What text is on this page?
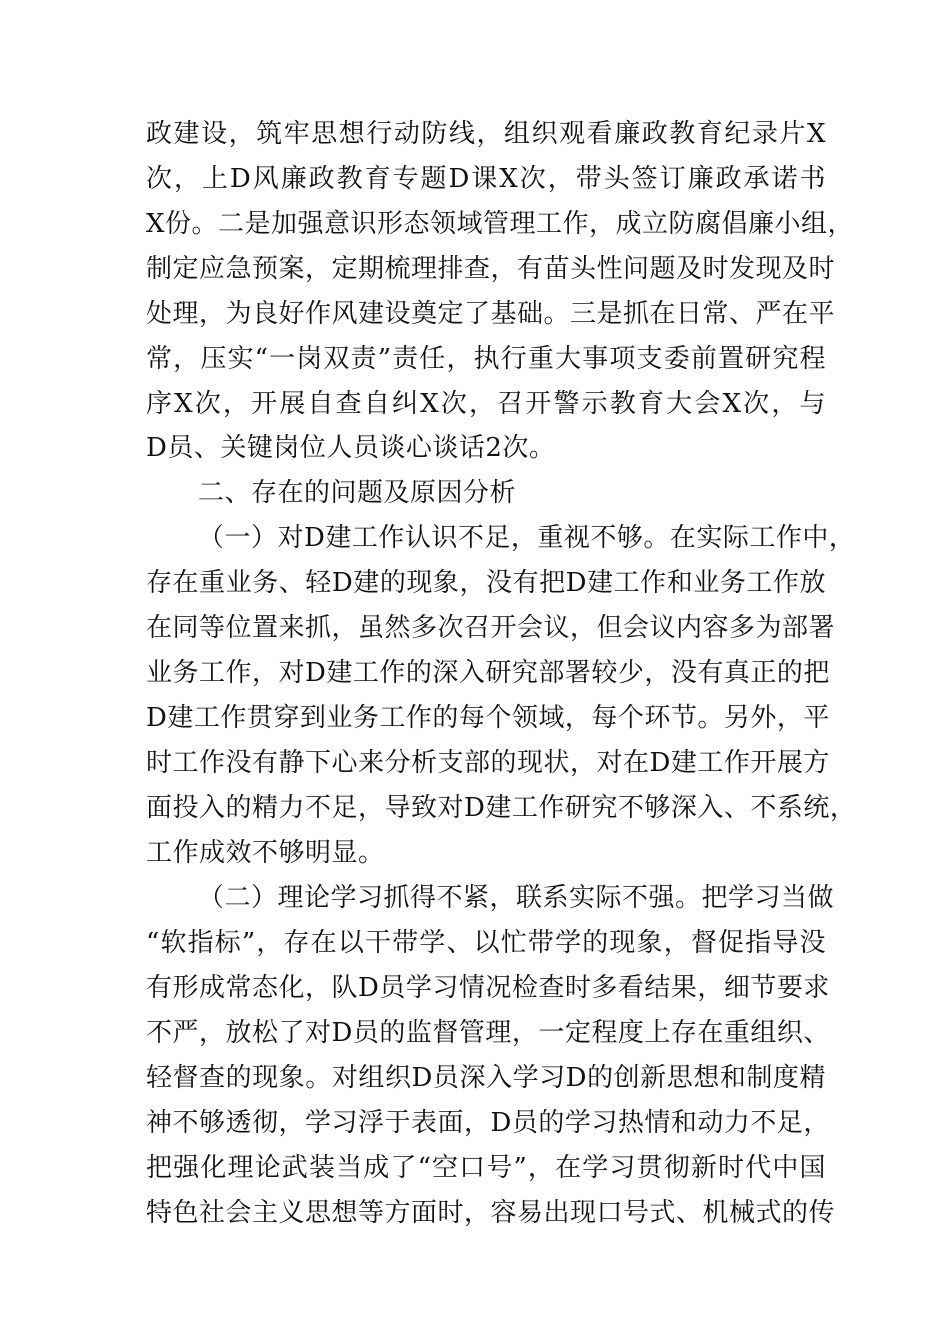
政建设，筑牢思想行动防线，组织观看廉政教育纪录片X
次，上D风廉政教育专题D课X次，带头签订廉政承诺书
X份。二是加强意识形态领域管理工作，成立防腐倡廉小组，
制定应急预案，定期梳理排查，有苗头性问题及时发现及时
处理，为良好作风建设奠定了基础。三是抓在日常、严在平
常，压实“一岗双责”责任，执行重大事项支委前置研究程
序X次，开展自查自纠X次，召开警示教育大会X次，与
D员、关键岗位人员谈心谈话2次。
二、存在的问题及原因分析
（一）对D建工作认识不足，重视不够。在实际工作中，
存在重业务、轻D建的现象，没有把D建工作和业务工作放
在同等位置来抓，虽然多次召开会议，但会议内容多为部署
业务工作，对D建工作的深入研究部署较少，没有真正的把
D建工作贯穿到业务工作的每个领域，每个环节。另外，平
时工作没有静下心来分析支部的现状，对在D建工作开展方
面投入的精力不足，导致对D建工作研究不够深入、不系统，
工作成效不够明显。
（二）理论学习抓得不紧，联系实际不强。把学习当做
“软指标”，存在以干带学、以忙带学的现象，督促指导没
有形成常态化，队D员学习情况检查时多看结果，细节要求
不严，放松了对D员的监督管理，一定程度上存在重组织、
轻督查的现象。对组织D员深入学习D的创新思想和制度精
神不够透彻，学习浮于表面，D员的学习热情和动力不足，
把强化理论武装当成了“空口号”，在学习贯彻新时代中国
特色社会主义思想等方面时，容易出现口号式、机械式的传
